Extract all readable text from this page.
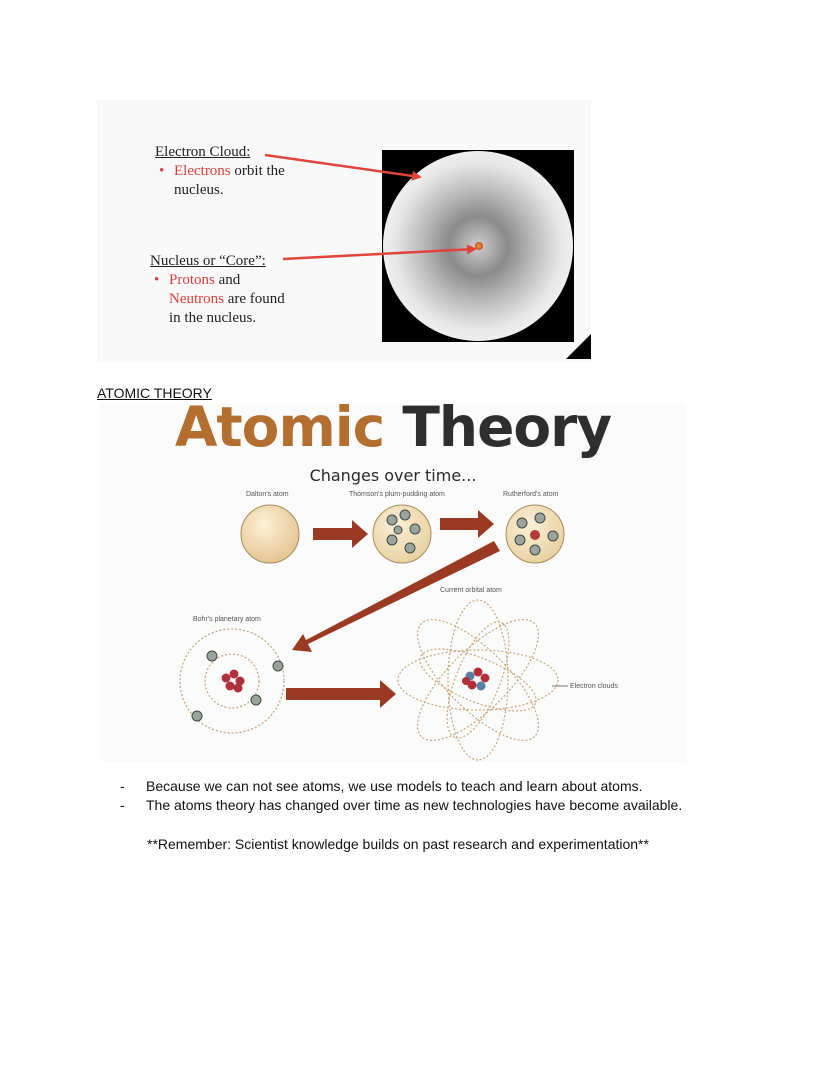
Electron Cloud:
• Electrons orbit the
nucleus.
Nucleus or “Core”:
• Protons and
Neutrons are found
in the nucleus.
ATOMIC THEORY
Atomic Theory
Changes over time...
Dalton's atom	Thomson's plum-pudding atom	Rutherford's atom
Bohr's planetary atom
Current orbital atom
Electron clouds
- Because we can not see atoms, we use models to teach and learn about atoms.
- The atoms theory has changed over time as new technologies have become available.
**Remember: Scientist knowledge builds on past research and experimentation**
